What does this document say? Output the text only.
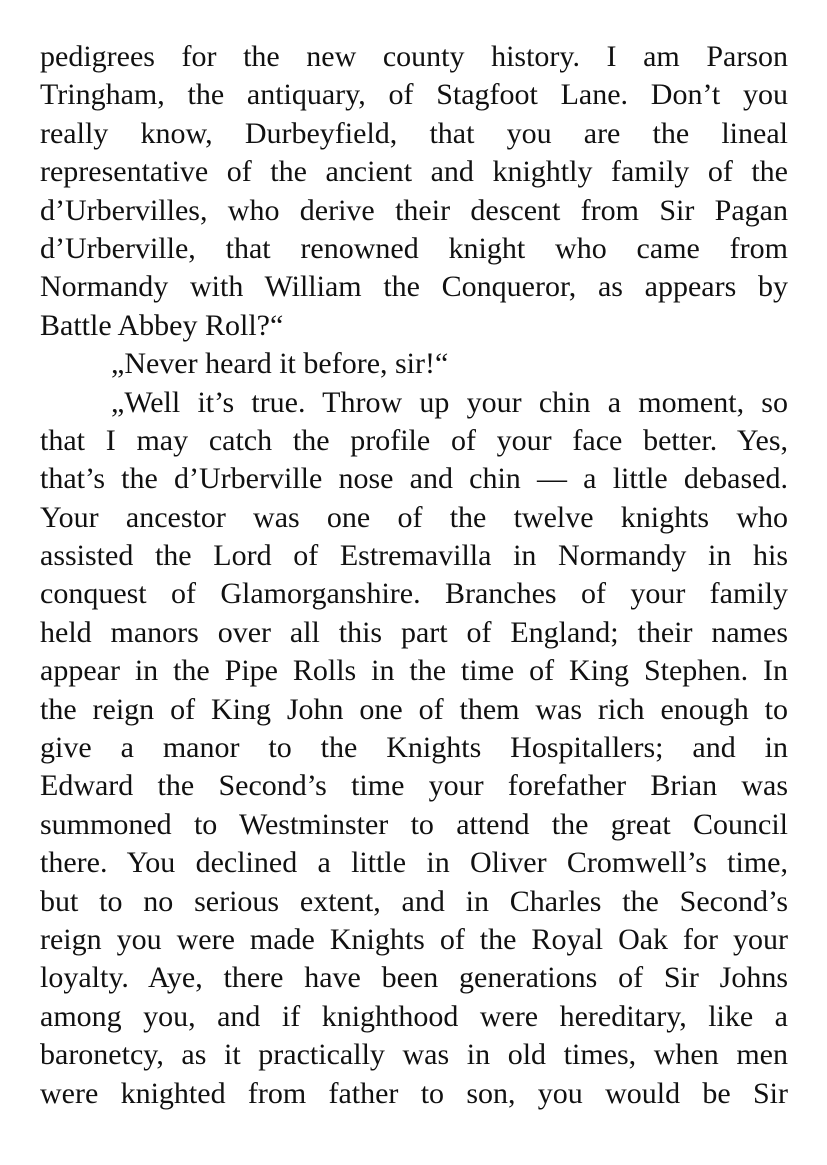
pedigrees for the new county history. I am Parson
Tringham, the antiquary, of Stagfoot Lane. Don’t you
really know, Durbeyfield, that you are the lineal
representative of the ancient and knightly family of the
d’Urbervilles, who derive their descent from Sir Pagan
d’Urberville, that renowned knight who came from
Normandy with William the Conqueror, as appears by
Battle Abbey Roll?“
„Never heard it before, sir!“
„Well it’s true. Throw up your chin a moment, so
that I may catch the profile of your face better. Yes,
that’s the d’Urberville nose and chin — a little debased.
Your ancestor was one of the twelve knights who
assisted the Lord of Estremavilla in Normandy in his
conquest of Glamorganshire. Branches of your family
held manors over all this part of England; their names
appear in the Pipe Rolls in the time of King Stephen. In
the reign of King John one of them was rich enough to
give a manor to the Knights Hospitallers; and in
Edward the Second’s time your forefather Brian was
summoned to Westminster to attend the great Council
there. You declined a little in Oliver Cromwell’s time,
but to no serious extent, and in Charles the Second’s
reign you were made Knights of the Royal Oak for your
loyalty. Aye, there have been generations of Sir Johns
among you, and if knighthood were hereditary, like a
baronetcy, as it practically was in old times, when men
were knighted from father to son, you would be Sir
